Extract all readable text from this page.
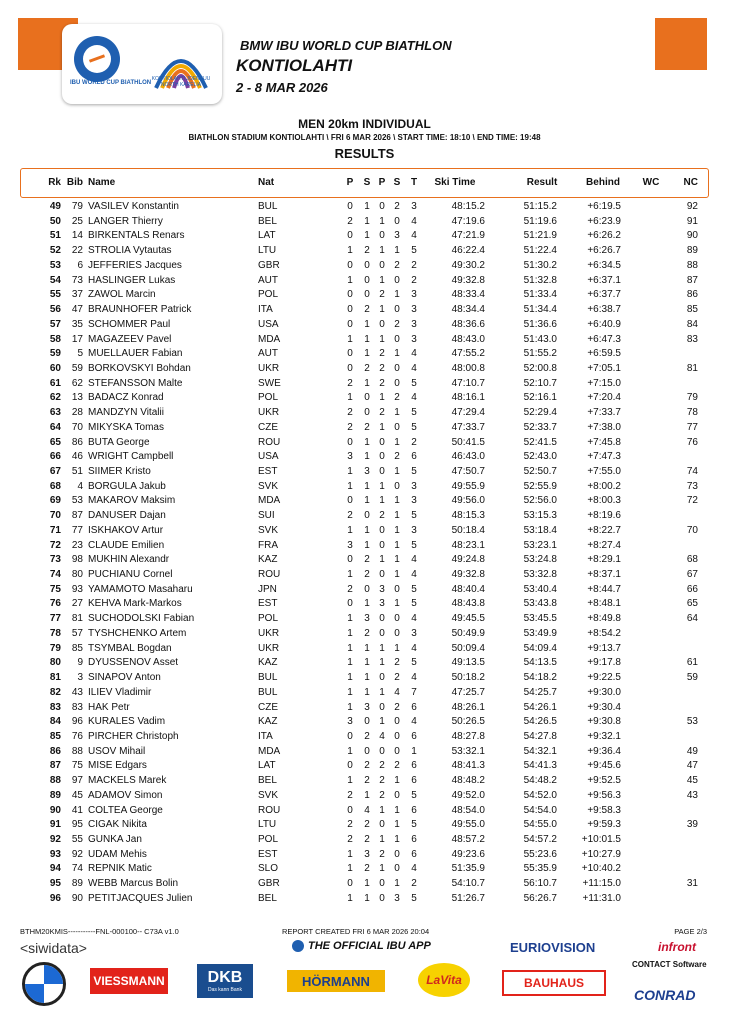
IBU WORLD CUP BIATHLON
KONTIOLAHTI JOENSUU NORTH KARELIA
BMW IBU WORLD CUP BIATHLON
KONTIOLAHTI
2 - 8 MAR 2026
MEN 20km INDIVIDUAL
BIATHLON STADIUM KONTIOLAHTI \ FRI 6 MAR 2026 \ START TIME: 18:10 \ END TIME: 19:48
RESULTS
Rk Bib Name	Nat	P S P S T	Ski Time	Result	Behind	WC	NC
49	79 VASILEV Konstantin	BUL	0 1 0 2 3	48:15.2	51:15.2	+6:19.5	92
50	25 LANGER Thierry	BEL	2 1 1 0 4	47:19.6	51:19.6	+6:23.9	91
51	14 BIRKENTALS Renars	LAT	0 1 0 3 4	47:21.9	51:21.9	+6:26.2	90
52	22 STROLIA Vytautas	LTU	1 2 1 1 5	46:22.4	51:22.4	+6:26.7	89
53	6 JEFFERIES Jacques	GBR	0 0 0 2 2	49:30.2	51:30.2	+6:34.5	88
54	73 HASLINGER Lukas	AUT	1 0 1 0 2	49:32.8	51:32.8	+6:37.1	87
55	37 ZAWOL Marcin	POL	0 0 2 1 3	48:33.4	51:33.4	+6:37.7	86
56	47 BRAUNHOFER Patrick	ITA	0 2 1 0 3	48:34.4	51:34.4	+6:38.7	85
57	35 SCHOMMER Paul	USA	0 1 0 2 3	48:36.6	51:36.6	+6:40.9	84
58	17 MAGAZEEV Pavel	MDA	1 1 1 0 3	48:43.0	51:43.0	+6:47.3	83
59	5 MUELLAUER Fabian	AUT	0 1 2 1 4	47:55.2	51:55.2	+6:59.5
60	59 BORKOVSKYI Bohdan	UKR	0 2 2 0 4	48:00.8	52:00.8	+7:05.1	81
61	62 STEFANSSON Malte	SWE	2 1 2 0 5	47:10.7	52:10.7	+7:15.0
62	13 BADACZ Konrad	POL	1 0 1 2 4	48:16.1	52:16.1	+7:20.4	79
63	28 MANDZYN Vitalii	UKR	2 0 2 1 5	47:29.4	52:29.4	+7:33.7	78
64	70 MIKYSKA Tomas	CZE	2 2 1 0 5	47:33.7	52:33.7	+7:38.0	77
65	86 BUTA George	ROU	0 1 0 1 2	50:41.5	52:41.5	+7:45.8	76
66	46 WRIGHT Campbell	USA	3 1 0 2 6	46:43.0	52:43.0	+7:47.3
67	51 SIIMER Kristo	EST	1 3 0 1 5	47:50.7	52:50.7	+7:55.0	74
68	4 BORGULA Jakub	SVK	1 1 1 0 3	49:55.9	52:55.9	+8:00.2	73
69	53 MAKAROV Maksim	MDA	0 1 1 1 3	49:56.0	52:56.0	+8:00.3	72
70	87 DANUSER Dajan	SUI	2 0 2 1 5	48:15.3	53:15.3	+8:19.6
71	77 ISKHAKOV Artur	SVK	1 1 0 1 3	50:18.4	53:18.4	+8:22.7	70
72	23 CLAUDE Emilien	FRA	3 1 0 1 5	48:23.1	53:23.1	+8:27.4
73	98 MUKHIN Alexandr	KAZ	0 2 1 1 4	49:24.8	53:24.8	+8:29.1	68
74	80 PUCHIANU Cornel	ROU	1 2 0 1 4	49:32.8	53:32.8	+8:37.1	67
75	93 YAMAMOTO Masaharu	JPN	2 0 3 0 5	48:40.4	53:40.4	+8:44.7	66
76	27 KEHVA Mark-Markos	EST	0 1 3 1 5	48:43.8	53:43.8	+8:48.1	65
77	81 SUCHODOLSKI Fabian	POL	1 3 0 0 4	49:45.5	53:45.5	+8:49.8	64
78	57 TYSHCHENKO Artem	UKR	1 2 0 0 3	50:49.9	53:49.9	+8:54.2
79	85 TSYMBAL Bogdan	UKR	1 1 1 1 4	50:09.4	54:09.4	+9:13.7
80	9 DYUSSENOV Asset	KAZ	1 1 1 2 5	49:13.5	54:13.5	+9:17.8	61
81	3 SINAPOV Anton	BUL	1 1 0 2 4	50:18.2	54:18.2	+9:22.5	59
82	43 ILIEV Vladimir	BUL	1 1 1 4 7	47:25.7	54:25.7	+9:30.0
83	83 HAK Petr	CZE	1 3 0 2 6	48:26.1	54:26.1	+9:30.4
84	96 KURALES Vadim	KAZ	3 0 1 0 4	50:26.5	54:26.5	+9:30.8	53
85	76 PIRCHER Christoph	ITA	0 2 4 0 6	48:27.8	54:27.8	+9:32.1
86	88 USOV Mihail	MDA	1 0 0 0 1	53:32.1	54:32.1	+9:36.4	49
87	75 MISE Edgars	LAT	0 2 2 2 6	48:41.3	54:41.3	+9:45.6	47
88	97 MACKELS Marek	BEL	1 2 2 1 6	48:48.2	54:48.2	+9:52.5	45
89	45 ADAMOV Simon	SVK	2 1 2 0 5	49:52.0	54:52.0	+9:56.3	43
90	41 COLTEA George	ROU	0 4 1 1 6	48:54.0	54:54.0	+9:58.3
91	95 CIGAK Nikita	LTU	2 2 0 1 5	49:55.0	54:55.0	+9:59.3	39
92	55 GUNKA Jan	POL	2 2 1 1 6	48:57.2	54:57.2	+10:01.5
93	92 UDAM Mehis	EST	1 3 2 0 6	49:23.6	55:23.6	+10:27.9
94	74 REPNIK Matic	SLO	1 2 1 0 4	51:35.9	55:35.9	+10:40.2
95	89 WEBB Marcus Bolin	GBR	0 1 0 1 2	54:10.7	56:10.7	+11:15.0	31
96	90 PETITJACQUES Julien	BEL	1 1 0 3 5	51:26.7	56:26.7	+11:31.0
BTHM20KMIS-----------FNL-000100-- C73A v1.0	REPORT CREATED FRI 6 MAR 2026 20:04	PAGE 2/3
<siwidata>	THE OFFICIAL IBU APP	EURIOVISION	infront
VIESSMANN	DKB
Das kann Bank
HÖRMANN	LaVita	BAUHAUS
CONTACT Software
CONRAD
